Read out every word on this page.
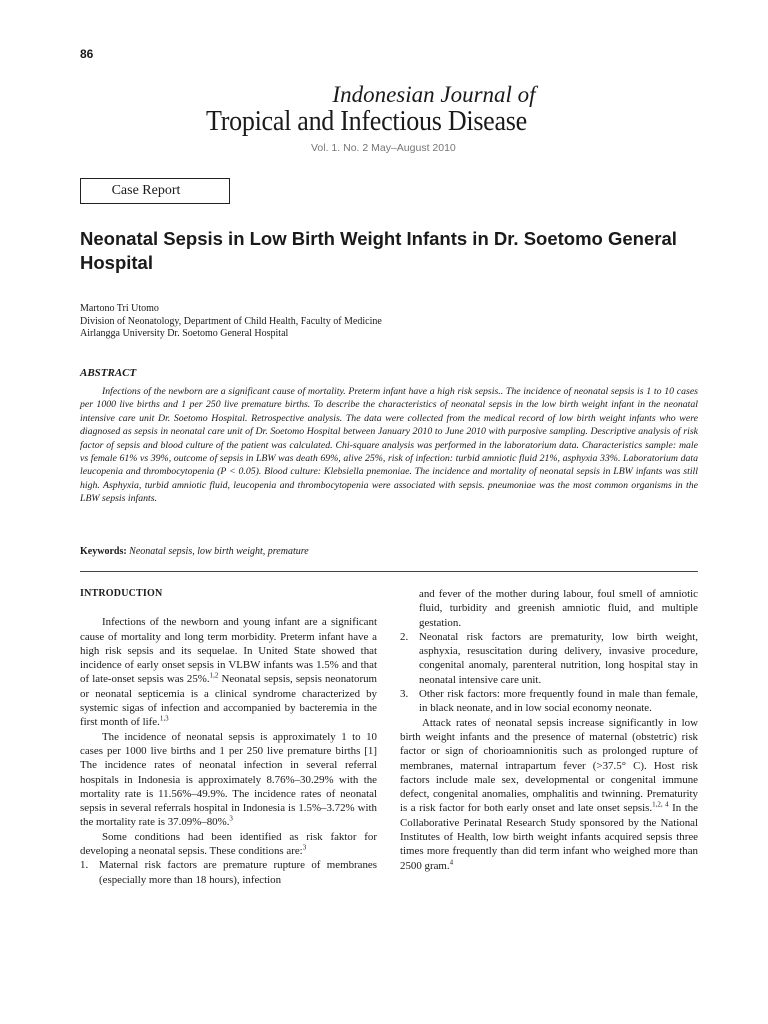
86
Indonesian Journal of
Tropical and Infectious Disease
Vol. 1. No. 2 May–August 2010
Case Report
Neonatal Sepsis in Low Birth Weight Infants in Dr. Soetomo General Hospital
Martono Tri Utomo
Division of Neonatology, Department of Child Health, Faculty of Medicine
Airlangga University Dr. Soetomo General Hospital
ABSTRACT
Infections of the newborn are a significant cause of mortality. Preterm infant have a high risk sepsis.. The incidence of neonatal sepsis is 1 to 10 cases per 1000 live births and 1 per 250 live premature births. To describe the characteristics of neonatal sepsis in the low birth weight infant in the neonatal intensive care unit Dr. Soetomo Hospital. Retrospective analysis. The data were collected from the medical record of low birth weight infants who were diagnosed as sepsis in neonatal care unit of Dr. Soetomo Hospital between January 2010 to June 2010 with purposive sampling. Descriptive analysis of risk factor of sepsis and blood culture of the patient was calculated. Chi-square analysis was performed in the laboratorium data. Characteristics sample: male vs female 61% vs 39%, outcome of sepsis in LBW was death 69%, alive 25%, risk of infection: turbid amniotic fluid 21%, asphyxia 33%. Laboratorium data leucopenia and thrombocytopenia (P < 0.05). Blood culture: Klebsiella pnemoniae. The incidence and mortality of neonatal sepsis in LBW infants was still high. Asphyxia, turbid amniotic fluid, leucopenia and thrombocytopenia were associated with sepsis. pneumoniae was the most common organisms in the LBW sepsis infants.
Keywords: Neonatal sepsis, low birth weight, premature

INTRODUCTION

Infections of the newborn and young infant are a significant cause of mortality and long term morbidity. Preterm infant have a high risk sepsis and its sequelae. In United State showed that incidence of early onset sepsis in VLBW infants was 1.5% and that of late-onset sepsis was 25%.$^{1,2}$ Neonatal sepsis, sepsis neonatorum or neonatal septicemia is a clinical syndrome characterized by systemic sigas of infection and accompanied by bacteremia in the first month of life.$^{1,3}$

The incidence of neonatal sepsis is approximately 1 to 10 cases per 1000 live births and 1 per 250 live premature births [1] The incidence rates of neonatal infection in several referral hospitals in Indonesia is approximately 8.76%–30.29% with the mortality rate is 11.56%–49.9%. The incidence rates of neonatal sepsis in several referrals hospital in Indonesia is 1.5%–3.72% with the mortality rate is 37.09%–80%.$^3$

Some conditions had been identified as risk faktor for developing a neonatal sepsis. These conditions are:$^3$

1. Maternal risk factors are premature rupture of membranes (especially more than 18 hours), infection

and fever of the mother during labour, foul smell of amniotic fluid, turbidity and greenish amniotic fluid, and multiple gestation.

2. Neonatal risk factors are prematurity, low birth weight, asphyxia, resuscitation during delivery, invasive procedure, congenital anomaly, parenteral nutrition, long hospital stay in neonatal intensive care unit.
3. Other risk factors: more frequently found in male than female, in black neonate, and in low social economy neonate.

Attack rates of neonatal sepsis increase significantly in low birth weight infants and the presence of maternal (obstetric) risk factor or sign of chorioamnionitis such as prolonged rupture of membranes, maternal intrapartum fever (>37.5° C). Host risk factors include male sex, developmental or congenital immune defect, congenital anomalies, omphalitis and twinning. Prematurity is a risk factor for both early onset and late onset sepsis.$^{1,2, 4}$ In the Collaborative Perinatal Research Study sponsored by the National Institutes of Health, low birth weight infants acquired sepsis three times more frequently than did term infant who weighed more than 2500 gram.$^4$
